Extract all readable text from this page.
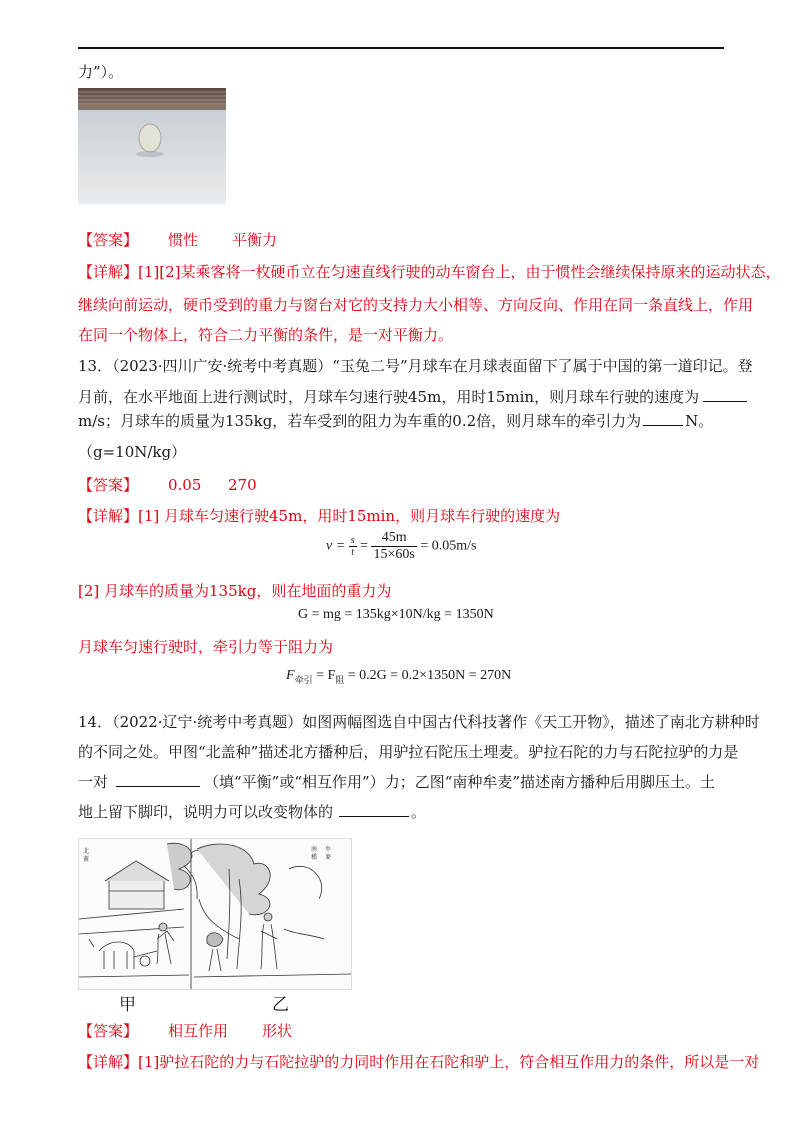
力”）。
【答案】 惯性 平衡力
【详解】[1][2]某乘客将一枚硬币立在匀速直线行驶的动车窗台上，由于惯性会继续保持原来的运动状态，
继续向前运动，硬币受到的重力与窗台对它的支持力大小相等、方向反向、作用在同一条直线上，作用
在同一个物体上，符合二力平衡的条件，是一对平衡力。
13．（2023·四川广安·统考中考真题）“玉兔二号”月球车在月球表面留下了属于中国的第一道印记。登
月前，在水平地面上进行测试时，月球车匀速行驶45m，用时15min，则月球车行驶的速度为
m/s；月球车的质量为135kg，若车受到的阻力为车重的0.2倍，则月球车的牵引力为	N。
（g=10N/kg）
【答案】 0.05 270
【详解】[1] 月球车匀速行驶45m，用时15min，则月球车行驶的速度为
$v = \frac{s}{t} = \frac{45m}{15\times 60s} = 0.05m/s$
[2] 月球车的质量为135kg，则在地面的重力为
G = mg = 135kg×10N/kg = 1350N
月球车匀速行驶时，牵引力等于阻力为
$F_{牵引} = F_阻 = 0.2G = 0.2\times 1350N = 270N$
14．（2022·辽宁·统考中考真题）如图两幅图选自中国古代科技著作《天工开物》，描述了南北方耕种时
的不同之处。甲图“北盖种”描述北方播种后，用驴拉石陀压土埋麦。驴拉石陀的力与石陀拉驴的力是
一对	（填“平衡”或“相互作用”）力；乙图“南种牟麦”描述南方播种后用脚压土。土
地上留下脚印，说明力可以改变物体的	。
北
蓋
南
種
牟
麥
甲	乙
【答案】 相互作用 形状
【详解】[1]驴拉石陀的力与石陀拉驴的力同时作用在石陀和驴上，符合相互作用力的条件，所以是一对
